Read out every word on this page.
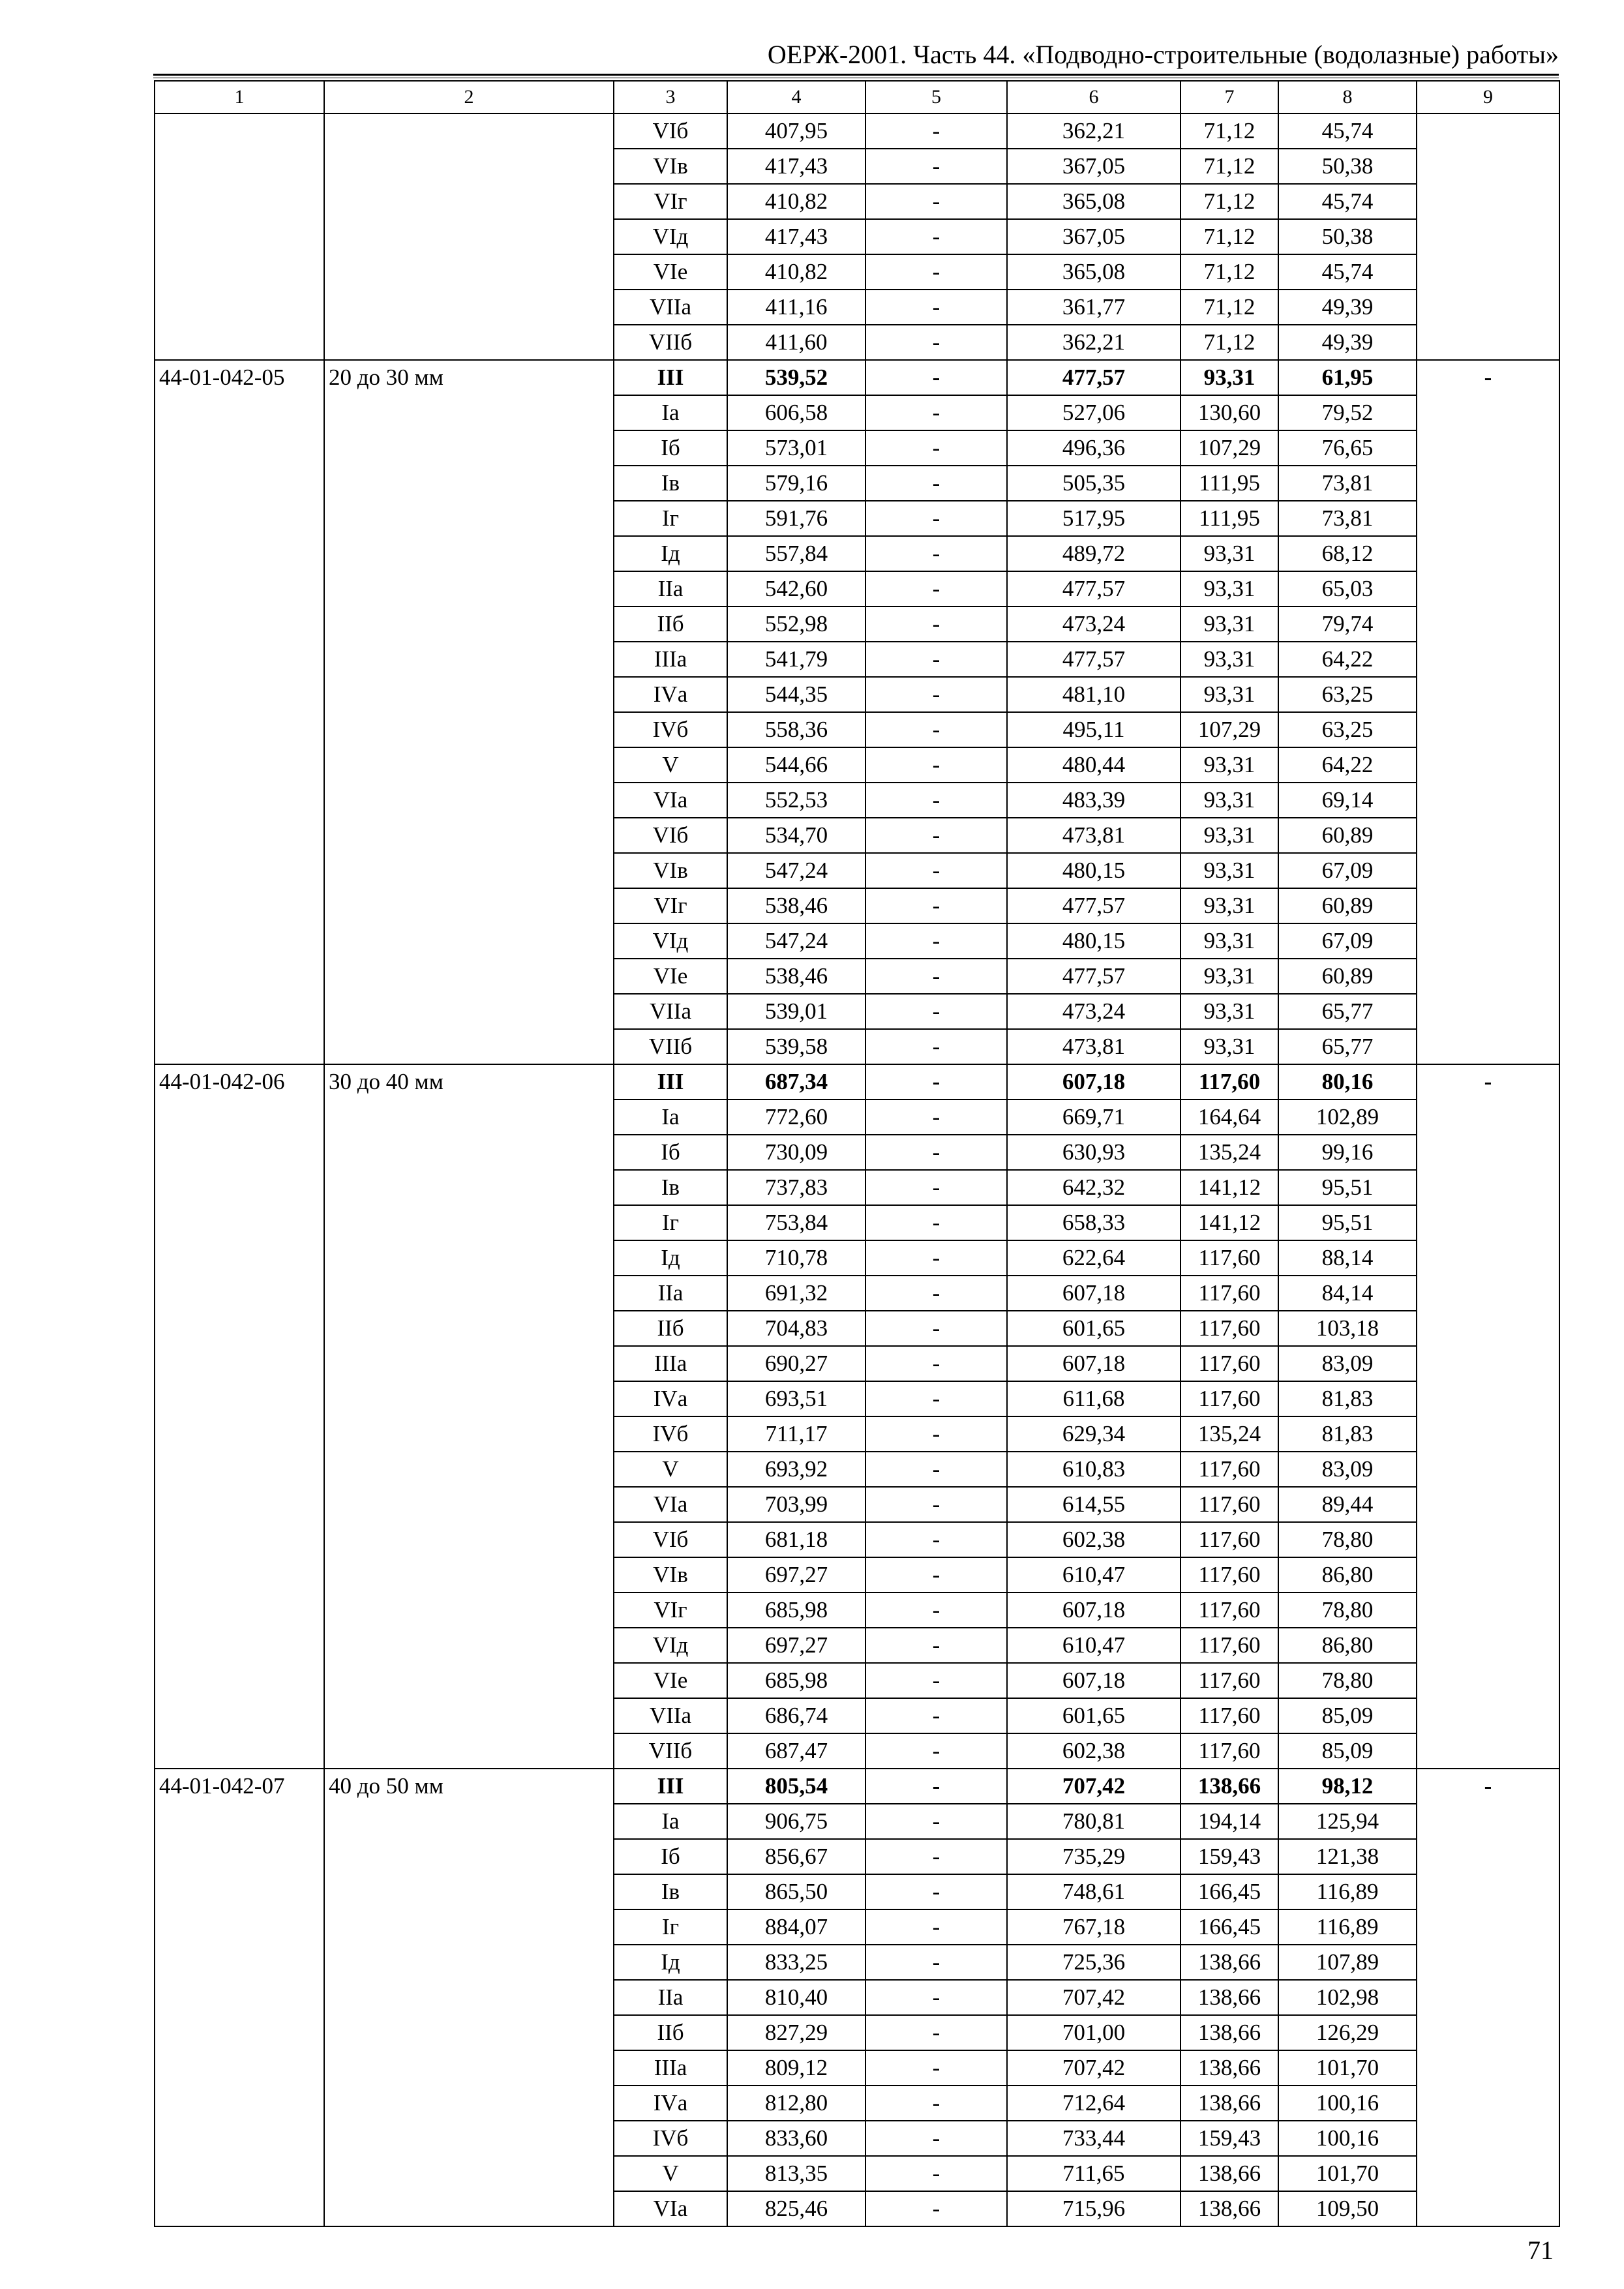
ОЕРЖ-2001. Часть 44. «Подводно-строительные (водолазные) работы»
1	2	3	4	5	6	7	8	9
		VIб	407,95	-	362,21	71,12	45,74	
		VIв	417,43	-	367,05	71,12	50,38	
		VIг	410,82	-	365,08	71,12	45,74	
		VIд	417,43	-	367,05	71,12	50,38	
		VIе	410,82	-	365,08	71,12	45,74	
		VIIа	411,16	-	361,77	71,12	49,39	
		VIIб	411,60	-	362,21	71,12	49,39	
44-01-042-05	20 до 30 мм	III	539,52	-	477,57	93,31	61,95	-
		Iа	606,58	-	527,06	130,60	79,52	
		Iб	573,01	-	496,36	107,29	76,65	
		Iв	579,16	-	505,35	111,95	73,81	
		Iг	591,76	-	517,95	111,95	73,81	
		Iд	557,84	-	489,72	93,31	68,12	
		IIа	542,60	-	477,57	93,31	65,03	
		IIб	552,98	-	473,24	93,31	79,74	
		IIIа	541,79	-	477,57	93,31	64,22	
		IVа	544,35	-	481,10	93,31	63,25	
		IVб	558,36	-	495,11	107,29	63,25	
		V	544,66	-	480,44	93,31	64,22	
		VIа	552,53	-	483,39	93,31	69,14	
		VIб	534,70	-	473,81	93,31	60,89	
		VIв	547,24	-	480,15	93,31	67,09	
		VIг	538,46	-	477,57	93,31	60,89	
		VIд	547,24	-	480,15	93,31	67,09	
		VIе	538,46	-	477,57	93,31	60,89	
		VIIа	539,01	-	473,24	93,31	65,77	
		VIIб	539,58	-	473,81	93,31	65,77	
44-01-042-06	30 до 40 мм	III	687,34	-	607,18	117,60	80,16	-
		Iа	772,60	-	669,71	164,64	102,89	
		Iб	730,09	-	630,93	135,24	99,16	
		Iв	737,83	-	642,32	141,12	95,51	
		Iг	753,84	-	658,33	141,12	95,51	
		Iд	710,78	-	622,64	117,60	88,14	
		IIа	691,32	-	607,18	117,60	84,14	
		IIб	704,83	-	601,65	117,60	103,18	
		IIIа	690,27	-	607,18	117,60	83,09	
		IVа	693,51	-	611,68	117,60	81,83	
		IVб	711,17	-	629,34	135,24	81,83	
		V	693,92	-	610,83	117,60	83,09	
		VIа	703,99	-	614,55	117,60	89,44	
		VIб	681,18	-	602,38	117,60	78,80	
		VIв	697,27	-	610,47	117,60	86,80	
		VIг	685,98	-	607,18	117,60	78,80	
		VIд	697,27	-	610,47	117,60	86,80	
		VIе	685,98	-	607,18	117,60	78,80	
		VIIа	686,74	-	601,65	117,60	85,09	
		VIIб	687,47	-	602,38	117,60	85,09	
44-01-042-07	40 до 50 мм	III	805,54	-	707,42	138,66	98,12	-
		Iа	906,75	-	780,81	194,14	125,94	
		Iб	856,67	-	735,29	159,43	121,38	
		Iв	865,50	-	748,61	166,45	116,89	
		Iг	884,07	-	767,18	166,45	116,89	
		Iд	833,25	-	725,36	138,66	107,89	
		IIа	810,40	-	707,42	138,66	102,98	
		IIб	827,29	-	701,00	138,66	126,29	
		IIIа	809,12	-	707,42	138,66	101,70	
		IVа	812,80	-	712,64	138,66	100,16	
		IVб	833,60	-	733,44	159,43	100,16	
		V	813,35	-	711,65	138,66	101,70	
		VIа	825,46	-	715,96	138,66	109,50	
71
